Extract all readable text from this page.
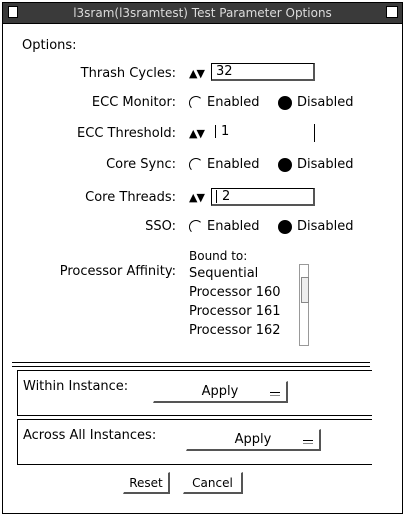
l3sram(l3sramtest) Test Parameter Options
Options:
Thrash Cycles: ▲▼ 32
ECC Monitor: Enabled	Disabled
ECC Threshold: ▲▼	1
Core Sync: Enabled	Disabled
Core Threads: ▲▼	2
SSO: Enabled	Disabled
Bound to:
Processor Affinity: Sequential
Processor 160
Processor 161
Processor 162
Within Instance:	Apply
Across All Instances:	Apply
Reset	Cancel
